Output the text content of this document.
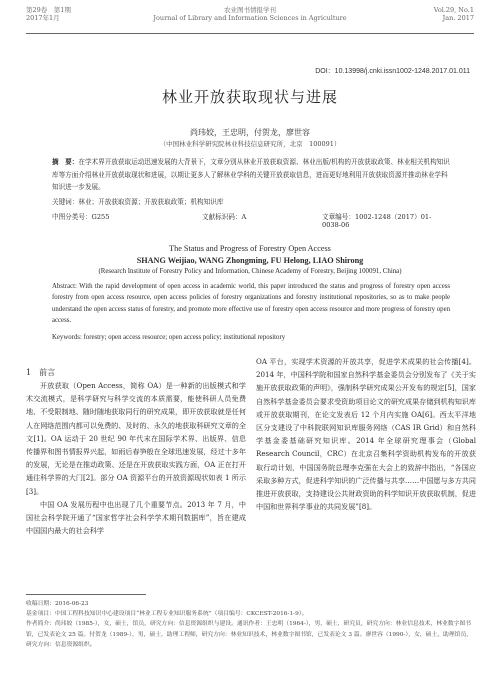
第29卷　第1期
2017年1月
农业图书情报学刊
Journal of Library and Information Sciences in Agriculture
Vol.29, No.1
Jan. 2017
DOI：10.13998/j.cnki.issn1002-1248.2017.01.011
林业开放获取现状与进展
尚玮姣，王忠明，付贺龙，廖世容
（中国林业科学研究院林业科技信息研究所，北京　100091）
摘　要：在学术界开放获取运动迅速发展的大背景下，文章分别从林业开放获取资源、林业出版/机构的开放获取政策、林业相关机构知识库等方面介绍林业开放获取现状和进展，以期让更多人了解林业学科的关键开放获取信息，进而更好地利用开放获取资源并推动林业学科知识进一步发展。
关键词：林业；开放获取资源；开放获取政策；机构知识库
中图分类号：G255	文献标识码：A	文章编号：1002-1248（2017）01-0038-06
The Status and Progress of Forestry Open Access
SHANG Weijiao, WANG Zhongming, FU Helong, LIAO Shirong
(Research Institute of Forestry Policy and Information, Chinese Academy of Forestry, Beijing 100091, China)
Abstract: With the rapid development of open access in academic world, this paper introduced the status and progress of forestry open access forestry from open access resource, open access policies of forestry organizations and forestry institutional repositories, so as to make people understand the open access status of forestry, and promote more effective use of forestry open access resource and more progress of forestry open access.
Keywords: forestry; open access resource; open access policy; institutional repository
1　前言

开放获取（Open Access，简称 OA）是一种新的出版模式和学术交流模式，是科学研究与科学交流的本质需要，能使科研人员免费地、不受限制地、随时随地获取同行的研究成果，即开放获取就是任何人在网络范围内都可以免费的、及时的、永久的地获取科研究文章的全文[1]。OA 运动于 20 世纪 90 年代末在国际学术界、出版界、信息传播界和图书情报界兴起，如雨后春笋般在全球迅速发展，经过十多年的发展，无论是在推动政策、还是在开放获取实践方面，OA 正在打开通往科学界的大门[2]。部分 OA 资源平台的开放资源现状如表 1 所示[3]。

中国 OA 发展历程中也出现了几个重要节点。2013 年 7 月，中国社会科学院开通了“国家哲学社会科学学术期刊数据库”，旨在建成中国国内最大的社会科学

OA 平台，实现学术资源的开放共享，促进学术成果的社会传播[4]。2014 年，中国科学院和国家自然科学基金委员会分别发布了《关于实施开放获取政策的声明》，强制科学研究成果公开发布的规定[5]，国家自然科学基金委员会要求受资助项目论文的研究成果存储到机构知识库或开放获取期刊，在论文发表后 12 个月内实施 OA[6]。西太平洋地区分支建设了中科院联网知识库服务网络（CAS IR Grid）和自然科学基金委基础研究知识库。2014 年全球研究理事会（Global Research Council，CRC）在北京召集科学资助机构发布的开放获取行动计划，中国国务院总理李克强在大会上的致辞中指出，“各国应采取多种方式，促进科学知识的广泛传播与共享……中国愿与多方共同推进开放获取，支持建设公共财政资助的科学知识开放获取机制，促进中国和世界科学事业的共同发展”[8]。

收稿日期：2016-06-23
基金项目：中国工程科技知识中心建设项目“林业工程专业知识服务系统”（项目编号：CKCEST-2016-1-9）。
作者简介：尚玮姣（1985-），女，硕士，馆员，研究方向：信息资源组织与建设。通讯作者：王忠明（1964-），男，硕士，研究员，研究方向：林业信息技术，林业数字图书馆，已发表论文 25 篇。付贺龙（1989-），男，硕士，助理工程师，研究方向：林业知识技术，林业数字图书馆，已发表论文 3 篇。廖世容（1990-），女，硕士，助理馆员，研究方向：信息资源组织。
